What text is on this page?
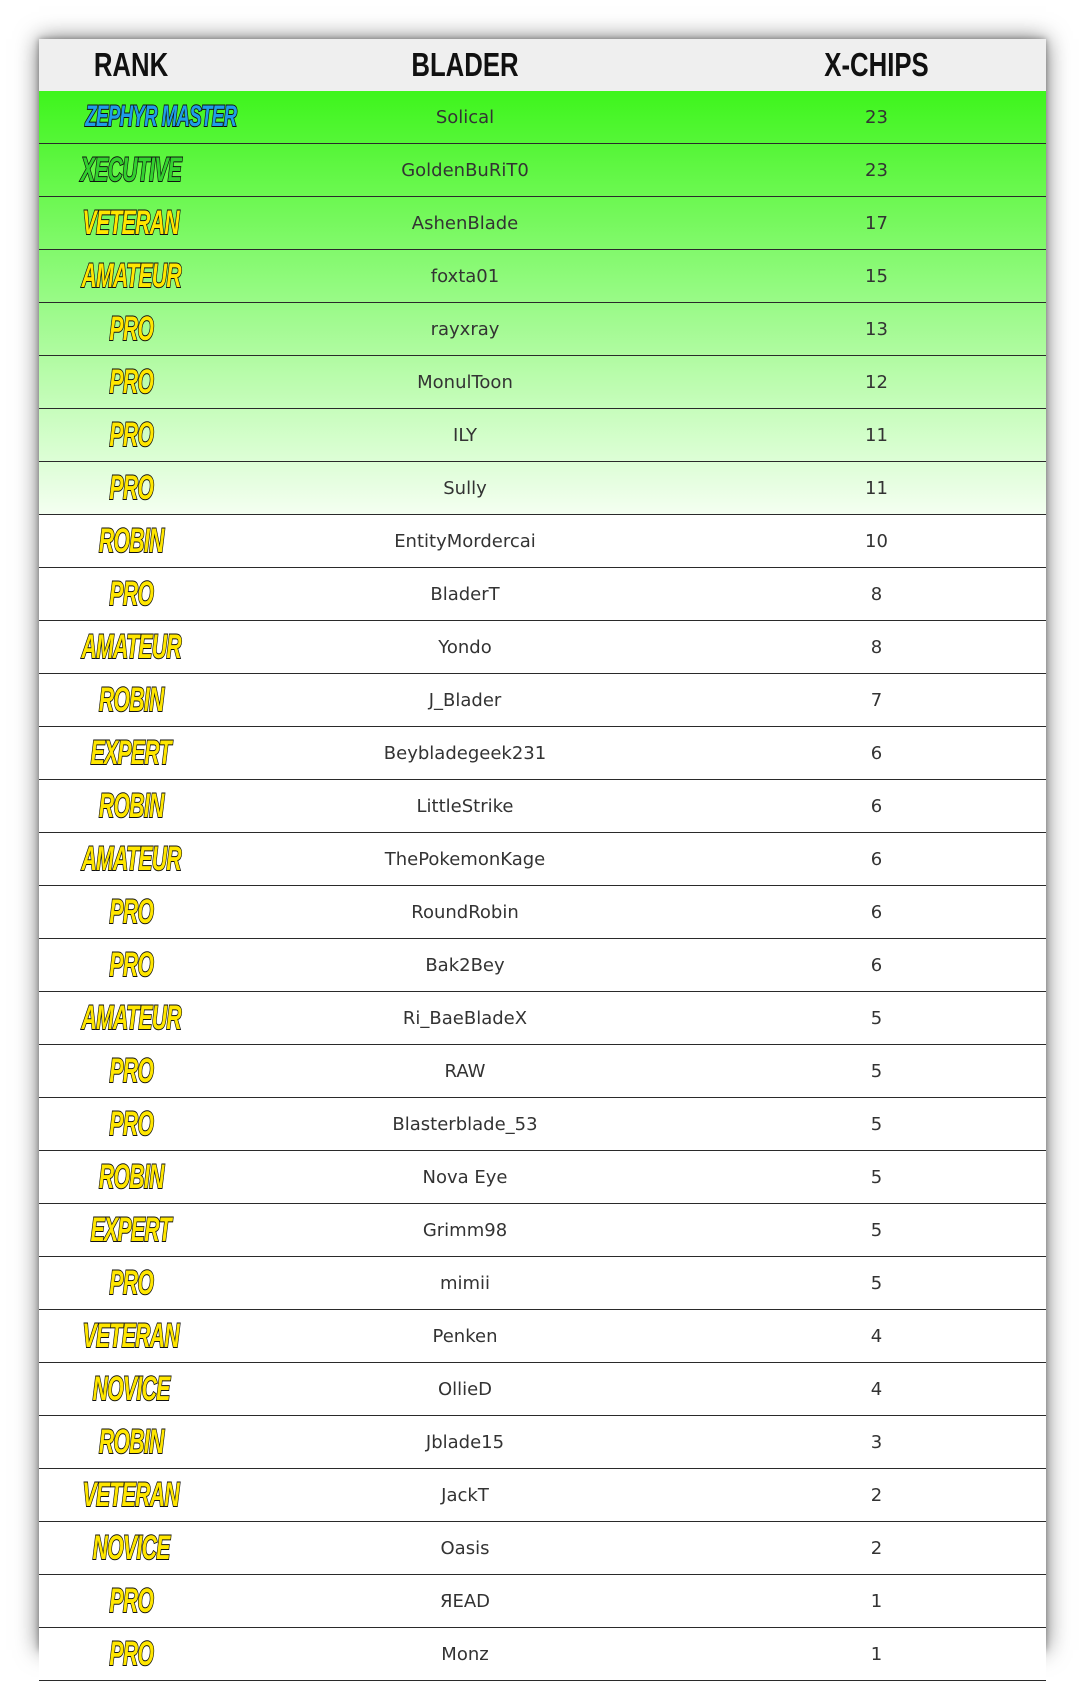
RANK	BLADER	X-CHIPS
ZEPHYR MASTER	Solical	23
XECUTIVE	GoldenBuRiT0	23
VETERAN	AshenBlade	17
AMATEUR	foxta01	15
PRO	rayxray	13
PRO	MonulToon	12
PRO	ILY	11
PRO	Sully	11
ROBIN	EntityMordercai	10
PRO	BladerT	8
AMATEUR	Yondo	8
ROBIN	J_Blader	7
EXPERT	Beybladegeek231	6
ROBIN	LittleStrike	6
AMATEUR	ThePokemonKage	6
PRO	RoundRobin	6
PRO	Bak2Bey	6
AMATEUR	Ri_BaeBladeX	5
PRO	RAW	5
PRO	Blasterblade_53	5
ROBIN	Nova Eye	5
EXPERT	Grimm98	5
PRO	mimii	5
VETERAN	Penken	4
NOVICE	OllieD	4
ROBIN	Jblade15	3
VETERAN	JackT	2
NOVICE	Oasis	2
PRO	ЯEAD	1
PRO	Monz	1
